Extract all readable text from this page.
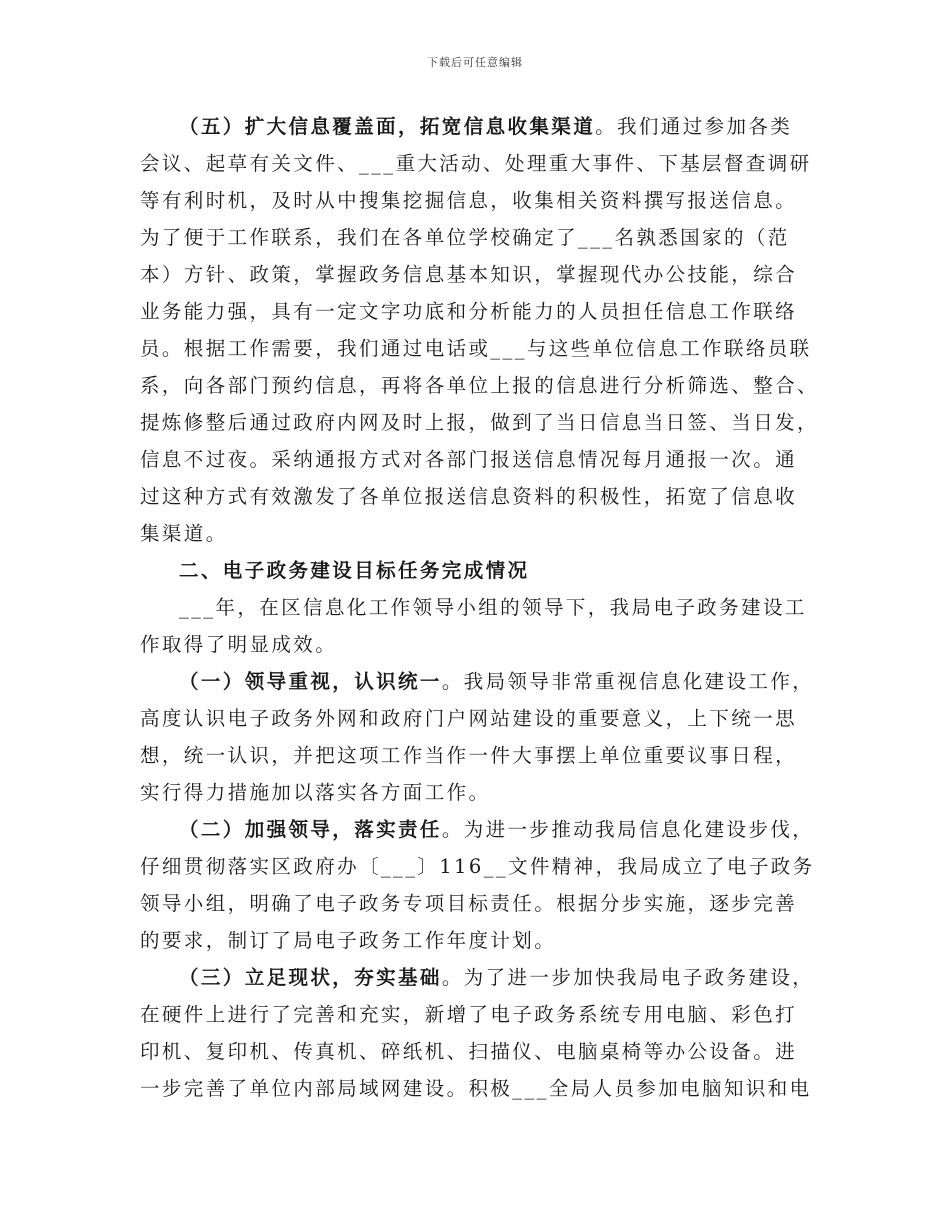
下载后可任意编辑
（五）扩大信息覆盖面，拓宽信息收集渠道。我们通过参加各类
会议、起草有关文件、___重大活动、处理重大事件、下基层督查调研
等有利时机，及时从中搜集挖掘信息，收集相关资料撰写报送信息。
为了便于工作联系，我们在各单位学校确定了___名孰悉国家的（范
本）方针、政策，掌握政务信息基本知识，掌握现代办公技能，综合
业务能力强，具有一定文字功底和分析能力的人员担任信息工作联络
员。根据工作需要，我们通过电话或___与这些单位信息工作联络员联
系，向各部门预约信息，再将各单位上报的信息进行分析筛选、整合、
提炼修整后通过政府内网及时上报，做到了当日信息当日签、当日发，
信息不过夜。采纳通报方式对各部门报送信息情况每月通报一次。通
过这种方式有效激发了各单位报送信息资料的积极性，拓宽了信息收
集渠道。
二、电子政务建设目标任务完成情况
___年，在区信息化工作领导小组的领导下，我局电子政务建设工
作取得了明显成效。
（一）领导重视，认识统一。我局领导非常重视信息化建设工作，
高度认识电子政务外网和政府门户网站建设的重要意义，上下统一思
想，统一认识，并把这项工作当作一件大事摆上单位重要议事日程，
实行得力措施加以落实各方面工作。
（二）加强领导，落实责任。为进一步推动我局信息化建设步伐，
仔细贯彻落实区政府办〔___〕116__文件精神，我局成立了电子政务
领导小组，明确了电子政务专项目标责任。根据分步实施，逐步完善
的要求，制订了局电子政务工作年度计划。
（三）立足现状，夯实基础。为了进一步加快我局电子政务建设，
在硬件上进行了完善和充实，新增了电子政务系统专用电脑、彩色打
印机、复印机、传真机、碎纸机、扫描仪、电脑桌椅等办公设备。进
一步完善了单位内部局域网建设。积极___全局人员参加电脑知识和电
